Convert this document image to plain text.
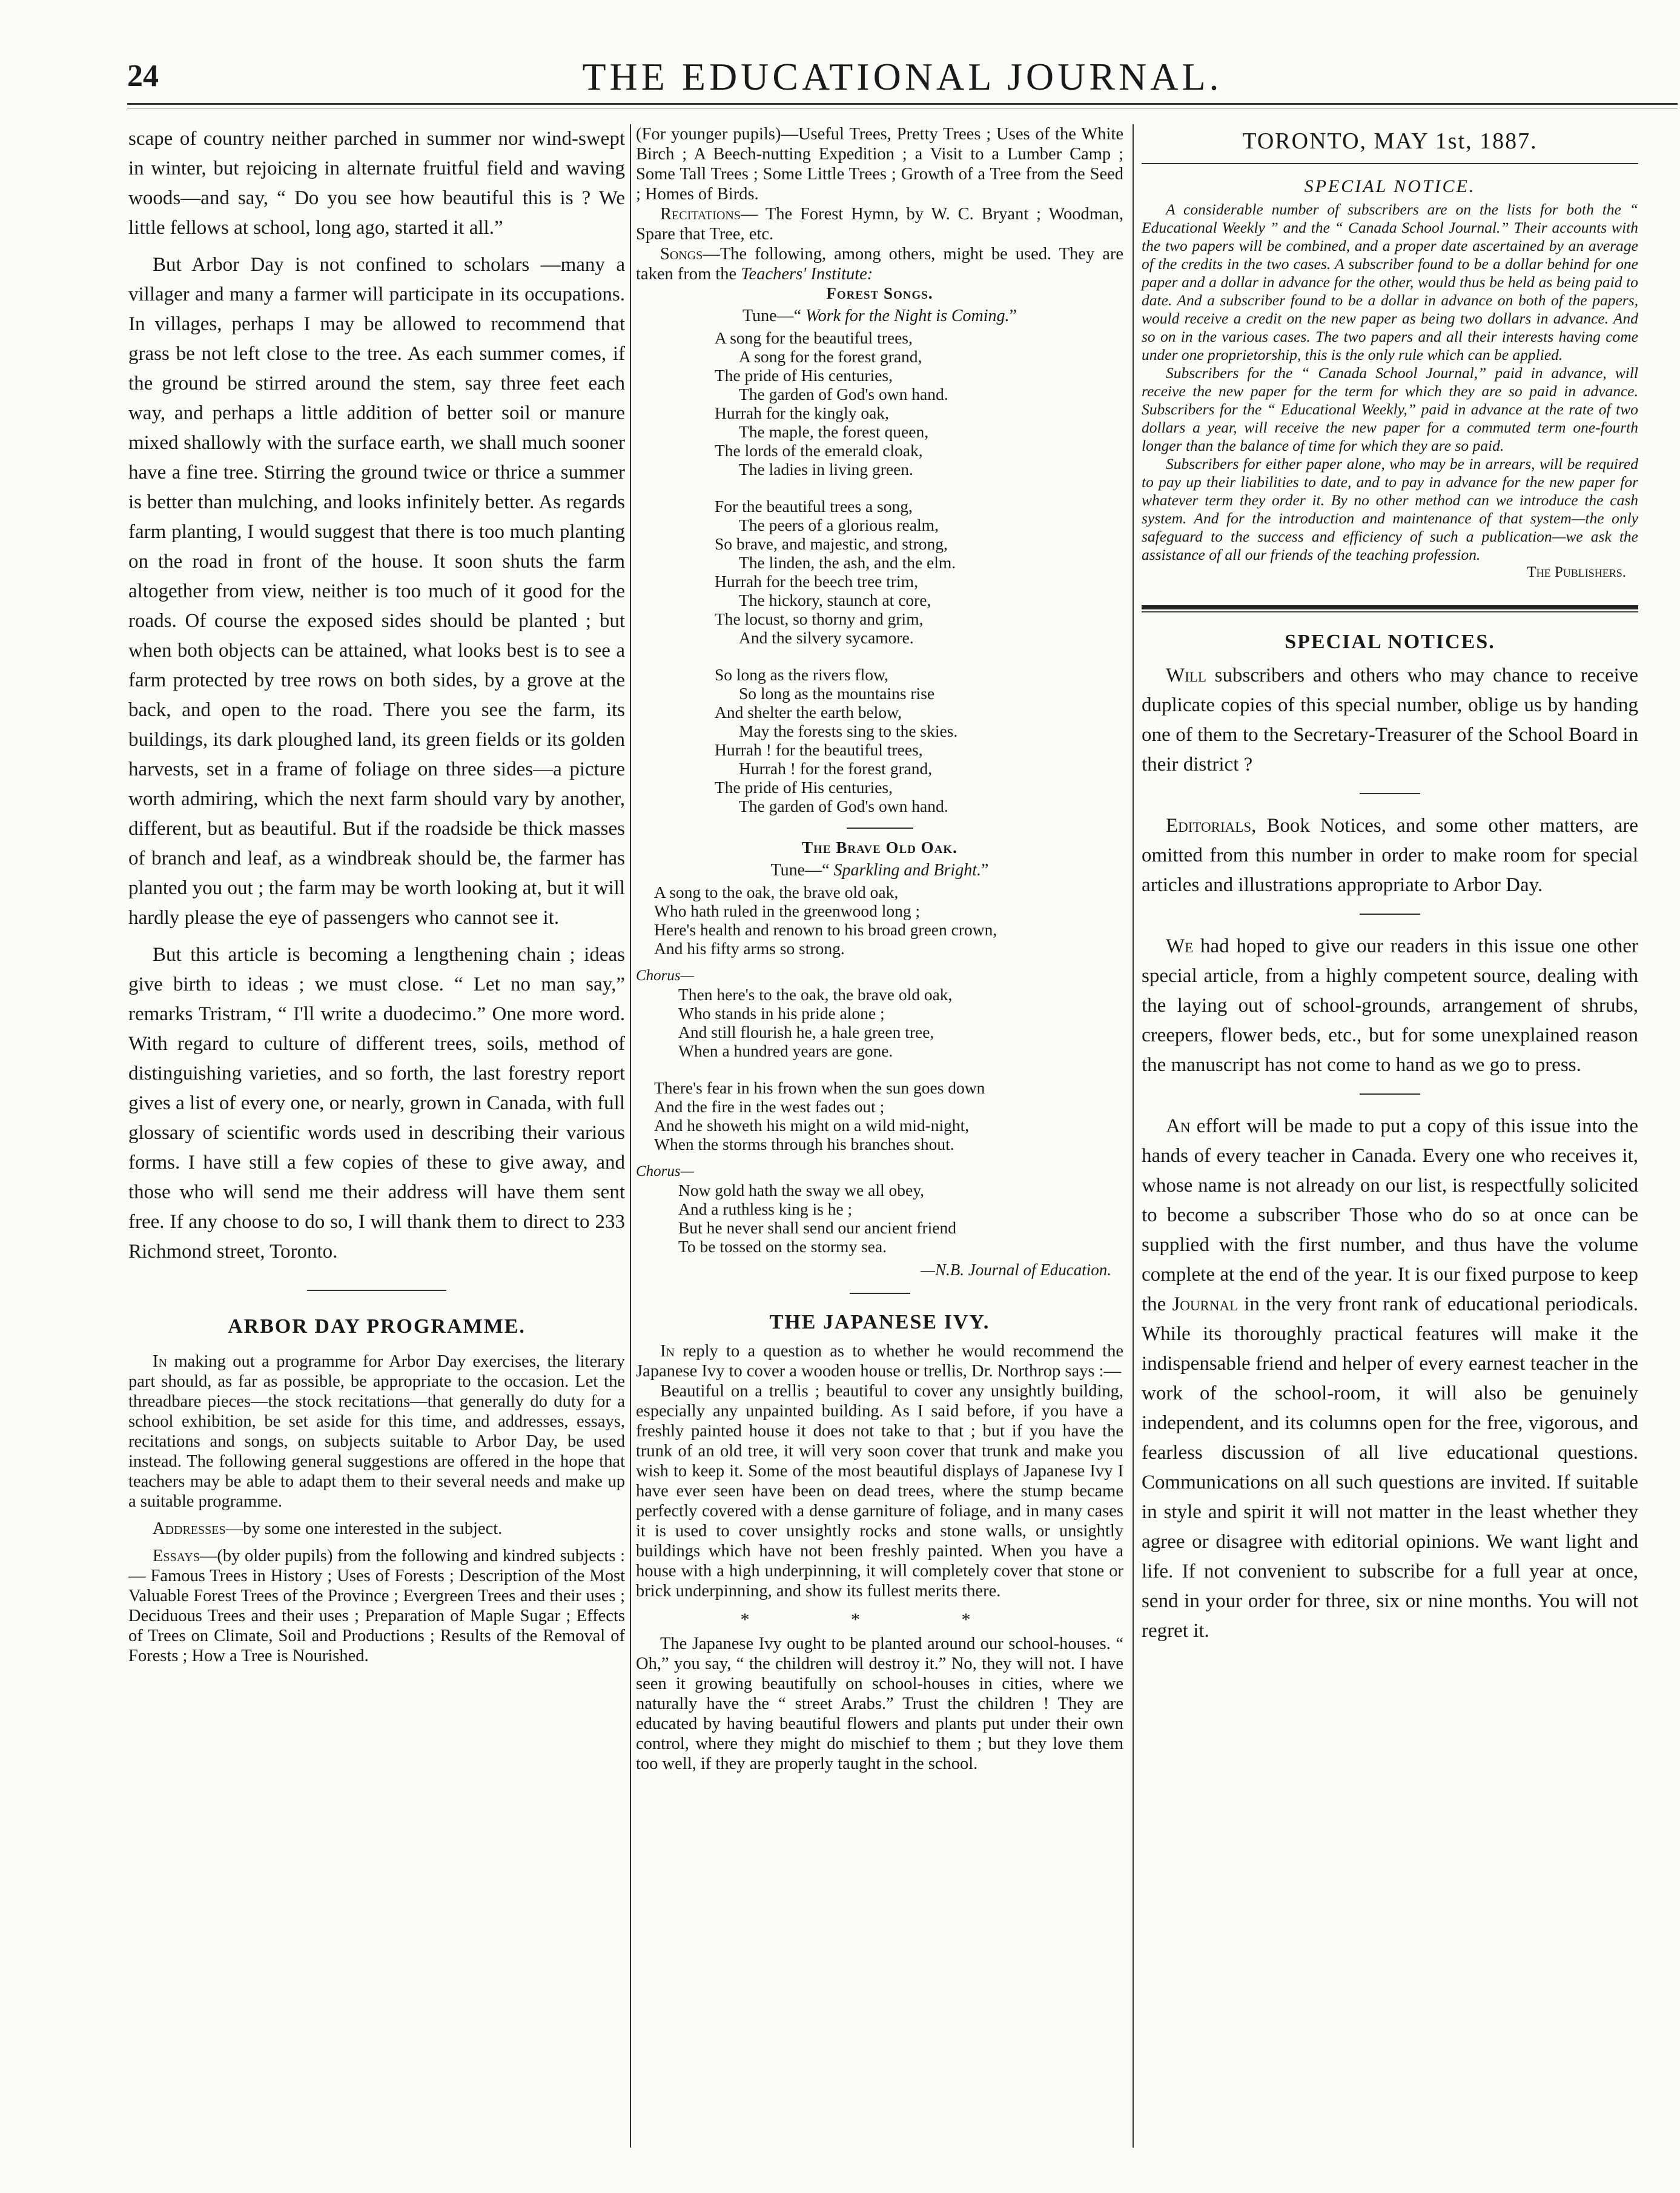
24	THE EDUCATIONAL JOURNAL.

scape of country neither parched in summer nor wind-swept in winter, but rejoicing in alternate fruitful field and waving woods—and say, “ Do you see how beautiful this is ? We little fellows at school, long ago, started it all.”

But Arbor Day is not confined to scholars —many a villager and many a farmer will participate in its occupations. In villages, perhaps I may be allowed to recommend that grass be not left close to the tree. As each summer comes, if the ground be stirred around the stem, say three feet each way, and perhaps a little addition of better soil or manure mixed shallowly with the surface earth, we shall much sooner have a fine tree. Stirring the ground twice or thrice a summer is better than mulching, and looks infinitely better. As regards farm planting, I would suggest that there is too much planting on the road in front of the house. It soon shuts the farm altogether from view, neither is too much of it good for the roads. Of course the exposed sides should be planted ; but when both objects can be attained, what looks best is to see a farm protected by tree rows on both sides, by a grove at the back, and open to the road. There you see the farm, its buildings, its dark ploughed land, its green fields or its golden harvests, set in a frame of foliage on three sides—a picture worth admiring, which the next farm should vary by another, different, but as beautiful. But if the roadside be thick masses of branch and leaf, as a windbreak should be, the farmer has planted you out ; the farm may be worth looking at, but it will hardly please the eye of passengers who cannot see it.

But this article is becoming a lengthening chain ; ideas give birth to ideas ; we must close. “ Let no man say,” remarks Tristram, “ I'll write a duodecimo.” One more word. With regard to culture of different trees, soils, method of distinguishing varieties, and so forth, the last forestry report gives a list of every one, or nearly, grown in Canada, with full glossary of scientific words used in describing their various forms. I have still a few copies of these to give away, and those who will send me their address will have them sent free. If any choose to do so, I will thank them to direct to 233 Richmond street, Toronto.

ARBOR DAY PROGRAMME.

In making out a programme for Arbor Day exercises, the literary part should, as far as possible, be appropriate to the occasion. Let the threadbare pieces—the stock recitations—that generally do duty for a school exhibition, be set aside for this time, and addresses, essays, recitations and songs, on subjects suitable to Arbor Day, be used instead. The following general suggestions are offered in the hope that teachers may be able to adapt them to their several needs and make up a suitable programme.

Addresses—by some one interested in the subject.

Essays—(by older pupils) from the following and kindred subjects : — Famous Trees in History ; Uses of Forests ; Description of the Most Valuable Forest Trees of the Province ; Evergreen Trees and their uses ; Deciduous Trees and their uses ; Preparation of Maple Sugar ; Effects of Trees on Climate, Soil and Productions ; Results of the Removal of Forests ; How a Tree is Nourished.

(For younger pupils)—Useful Trees, Pretty Trees ; Uses of the White Birch ; A Beech-nutting Expedition ; a Visit to a Lumber Camp ; Some Tall Trees ; Some Little Trees ; Growth of a Tree from the Seed ; Homes of Birds.

Recitations— The Forest Hymn, by W. C. Bryant ; Woodman, Spare that Tree, etc.

Songs—The following, among others, might be used. They are taken from the Teachers' Institute:

Forest Songs.
Tune—“ Work for the Night is Coming.”
A song for the beautiful trees,
A song for the forest grand,
The pride of His centuries,
The garden of God's own hand.
Hurrah for the kingly oak,
The maple, the forest queen,
The lords of the emerald cloak,
The ladies in living green.
For the beautiful trees a song,
The peers of a glorious realm,
So brave, and majestic, and strong,
The linden, the ash, and the elm.
Hurrah for the beech tree trim,
The hickory, staunch at core,
The locust, so thorny and grim,
And the silvery sycamore.
So long as the rivers flow,
So long as the mountains rise
And shelter the earth below,
May the forests sing to the skies.
Hurrah ! for the beautiful trees,
Hurrah ! for the forest grand,
The pride of His centuries,
The garden of God's own hand.
The Brave Old Oak.
Tune—“ Sparkling and Bright.”
A song to the oak, the brave old oak,
Who hath ruled in the greenwood long ;
Here's health and renown to his broad green crown,
And his fifty arms so strong.
Chorus—
Then here's to the oak, the brave old oak,
Who stands in his pride alone ;
And still flourish he, a hale green tree,
When a hundred years are gone.
There's fear in his frown when the sun goes down
And the fire in the west fades out ;
And he showeth his might on a wild mid-night,
When the storms through his branches shout.
Chorus—
Now gold hath the sway we all obey,
And a ruthless king is he ;
But he never shall send our ancient friend
To be tossed on the stormy sea.
—N.B. Journal of Education.
THE JAPANESE IVY.

In reply to a question as to whether he would recommend the Japanese Ivy to cover a wooden house or trellis, Dr. Northrop says :—

Beautiful on a trellis ; beautiful to cover any unsightly building, especially any unpainted building. As I said before, if you have a freshly painted house it does not take to that ; but if you have the trunk of an old tree, it will very soon cover that trunk and make you wish to keep it. Some of the most beautiful displays of Japanese Ivy I have ever seen have been on dead trees, where the stump became perfectly covered with a dense garniture of foliage, and in many cases it is used to cover unsightly rocks and stone walls, or unsightly buildings which have not been freshly painted. When you have a house with a high underpinning, it will completely cover that stone or brick underpinning, and show its fullest merits there.

* * *

The Japanese Ivy ought to be planted around our school-houses. “ Oh,” you say, “ the children will destroy it.” No, they will not. I have seen it growing beautifully on school-houses in cities, where we naturally have the “ street Arabs.” Trust the children ! They are educated by having beautiful flowers and plants put under their own control, where they might do mischief to them ; but they love them too well, if they are properly taught in the school.

TORONTO, MAY 1st, 1887.
SPECIAL NOTICE.

A considerable number of subscribers are on the lists for both the “ Educational Weekly ” and the “ Canada School Journal.” Their accounts with the two papers will be combined, and a proper date ascertained by an average of the credits in the two cases. A subscriber found to be a dollar behind for one paper and a dollar in advance for the other, would thus be held as being paid to date. And a subscriber found to be a dollar in advance on both of the papers, would receive a credit on the new paper as being two dollars in advance. And so on in the various cases. The two papers and all their interests having come under one proprietorship, this is the only rule which can be applied.

Subscribers for the “ Canada School Journal,” paid in advance, will receive the new paper for the term for which they are so paid in advance. Subscribers for the “ Educational Weekly,” paid in advance at the rate of two dollars a year, will receive the new paper for a commuted term one-fourth longer than the balance of time for which they are so paid.

Subscribers for either paper alone, who may be in arrears, will be required to pay up their liabilities to date, and to pay in advance for the new paper for whatever term they order it. By no other method can we introduce the cash system. And for the introduction and maintenance of that system—the only safeguard to the success and efficiency of such a publication—we ask the assistance of all our friends of the teaching profession.

The Publishers.
SPECIAL NOTICES.

Will subscribers and others who may chance to receive duplicate copies of this special number, oblige us by handing one of them to the Secretary-Treasurer of the School Board in their district ?

Editorials, Book Notices, and some other matters, are omitted from this number in order to make room for special articles and illustrations appropriate to Arbor Day.

We had hoped to give our readers in this issue one other special article, from a highly competent source, dealing with the laying out of school-grounds, arrangement of shrubs, creepers, flower beds, etc., but for some unexplained reason the manuscript has not come to hand as we go to press.

An effort will be made to put a copy of this issue into the hands of every teacher in Canada. Every one who receives it, whose name is not already on our list, is respectfully solicited to become a subscriber Those who do so at once can be supplied with the first number, and thus have the volume complete at the end of the year. It is our fixed purpose to keep the Journal in the very front rank of educational periodicals. While its thoroughly practical features will make it the indispensable friend and helper of every earnest teacher in the work of the school-room, it will also be genuinely independent, and its columns open for the free, vigorous, and fearless discussion of all live educational questions. Communications on all such questions are invited. If suitable in style and spirit it will not matter in the least whether they agree or disagree with editorial opinions. We want light and life. If not convenient to subscribe for a full year at once, send in your order for three, six or nine months. You will not regret it.
